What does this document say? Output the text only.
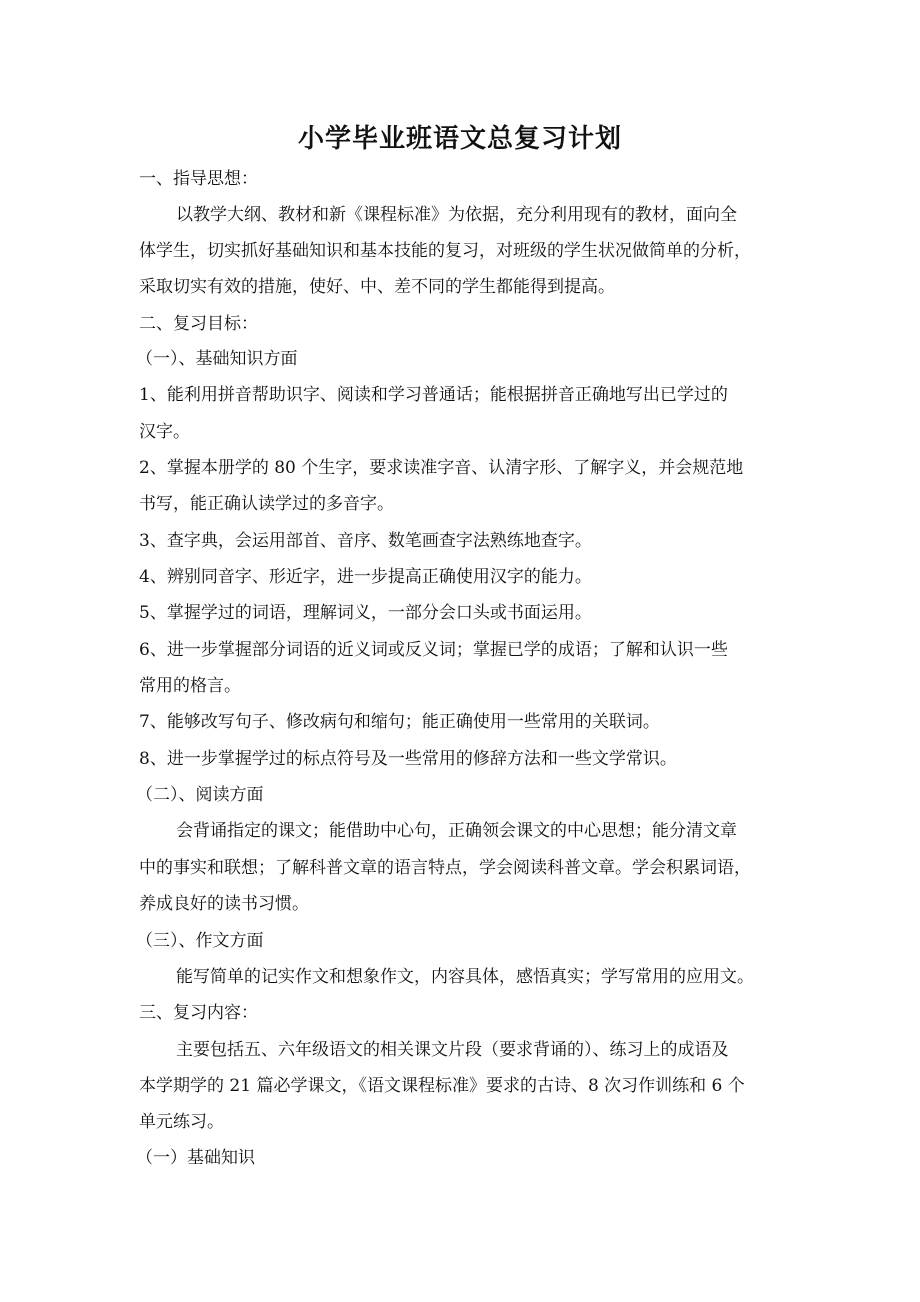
小学毕业班语文总复习计划
一、指导思想：
以教学大纲、教材和新《课程标准》为依据，充分利用现有的教材，面向全
体学生，切实抓好基础知识和基本技能的复习，对班级的学生状况做简单的分析，
采取切实有效的措施，使好、中、差不同的学生都能得到提高。
二、复习目标：
（一）、基础知识方面
1、能利用拼音帮助识字、阅读和学习普通话；能根据拼音正确地写出已学过的
汉字。
2、掌握本册学的 80 个生字，要求读准字音、认清字形、了解字义，并会规范地
书写，能正确认读学过的多音字。
3、查字典，会运用部首、音序、数笔画查字法熟练地查字。
4、辨别同音字、形近字，进一步提高正确使用汉字的能力。
5、掌握学过的词语，理解词义，一部分会口头或书面运用。
6、进一步掌握部分词语的近义词或反义词；掌握已学的成语；了解和认识一些
常用的格言。
7、能够改写句子、修改病句和缩句；能正确使用一些常用的关联词。
8、进一步掌握学过的标点符号及一些常用的修辞方法和一些文学常识。
（二）、阅读方面
会背诵指定的课文；能借助中心句，正确领会课文的中心思想；能分清文章
中的事实和联想；了解科普文章的语言特点，学会阅读科普文章。学会积累词语，
养成良好的读书习惯。
（三）、作文方面
能写简单的记实作文和想象作文，内容具体，感悟真实；学写常用的应用文。
三、复习内容：
主要包括五、六年级语文的相关课文片段（要求背诵的）、练习上的成语及
本学期学的 21 篇必学课文，《语文课程标准》要求的古诗、8 次习作训练和 6 个
单元练习。
（一）基础知识
